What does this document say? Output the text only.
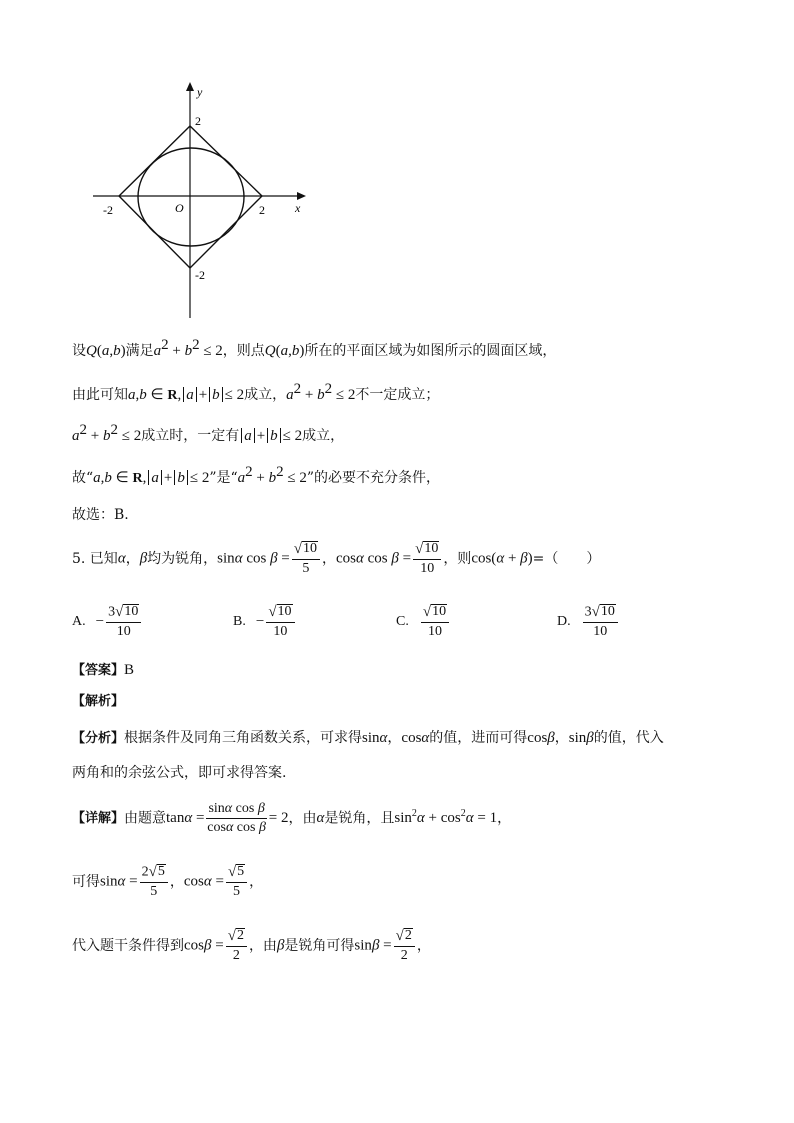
y
x
O
2
-2
-2	2
设Q(a,b)满足$a^2 + b^2 \le 2$，则点Q(a,b)所在的平面区域为如图所示的圆面区域，
由此可知a,b ∈ R, a + b ≤ 2成立，$a^2 + b^2 \le 2$不一定成立；
$a^2 + b^2 \le 2$成立时，一定有 a + b ≤ 2成立，
故“a,b ∈ R, a + b ≤ 2”是“$a^2 + b^2 \le 2$”的必要不充分条件，
故选：B.
5. 已知α，β均为锐角，sinα $\cos \beta = \frac{√ 10}{5}$ ，cosα $\cos \beta = \frac{√ 10}{10}$ ，则cos(α + β)=（　　）
A. − $\frac{3 √ 10}{10}$	B. − $\frac{√ 10}{10}$	C. $\frac{√ 10}{10}$	D. $\frac{3 √ 10}{10}$
【答案】B
【解析】
【分析】根据条件及同角三角函数关系，可求得sinα，cosα的值，进而可得cosβ，sinβ的值，代入
两角和的余弦公式，即可求得答案.
【详解】由题意$\tan\alpha = \frac{\text{sinα cos β}}{\text{cosα cos β}} = 2$，由α是锐角，且$\sin^2\alpha + \cos^2\alpha = 1$，
可得$\sin\alpha = \frac{2 √ 5}{5}$ ，$\cos\alpha = \frac{√ 5}{5}$ ，
代入题干条件得到$\cos\beta = \frac{√ 2}{2}$ ，由β是锐角可得$\sin\beta = \frac{√ 2}{2}$ ，
